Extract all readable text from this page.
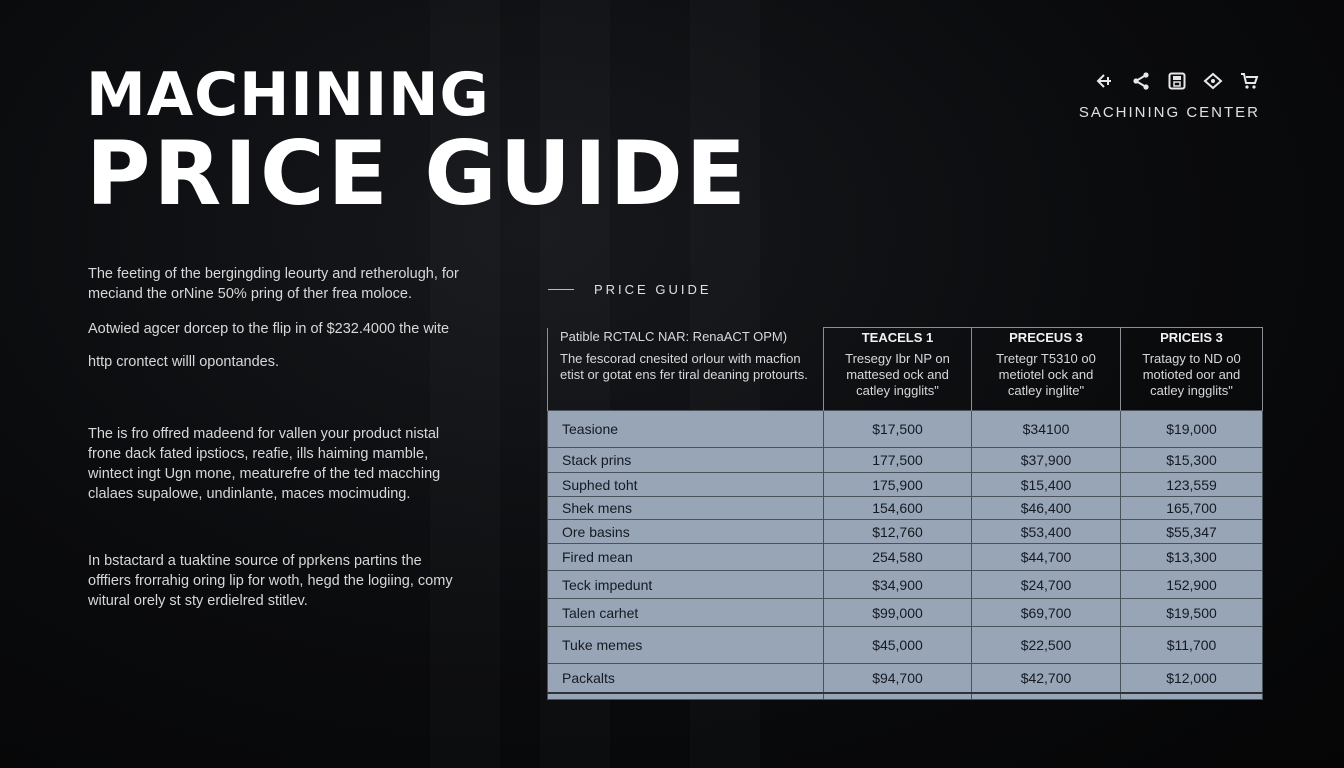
MACHINING
PRICE GUIDE
SACHINING CENTER

The feeting of the bergingding leourty and retherolugh, for meciand the orNine 50% pring of ther frea moloce.

Aotwied agcer dorcep to the flip in of $232.4000 the wite

http crontect willl opontandes.

The is fro offred madeend for vallen your product nistal frone dack fated ipstiocs, reafie, ills haiming mamble, wintect ingt Ugn mone, meaturefre of the ted macching clalaes supalowe, undinlante, maces mocimuding.

In bstactard a tuaktine source of pprkens partins the offfiers frorrahig oring lip for woth, hegd the logiing, comy witural orely st sty erdielred stitlev.

PRICE GUIDE
Patible RCTALC NAR: RenaACT OPM)	TEACELS 1	PRECEUS 3	PRICEIS 3
The fescorad cnesited orlour with macfion etist or gotat ens fer tiral deaning protourts.	Tresegy Ibr NP on mattesed ock and catley ingglits"	Tretegr T5310 o0 metiotel ock and catley inglite"	Tratagy to ND o0 motioted oor and catley ingglits"
Teasione	$17,500	$34100	$19,000
Stack prins	177,500	$37,900	$15,300
Suphed toht	175,900	$15,400	123,559
Shek mens	154,600	$46,400	165,700
Ore basins	$12,760	$53,400	$55,347
Fired mean	254,580	$44,700	$13,300
Teck impedunt	$34,900	$24,700	152,900
Talen carhet	$99,000	$69,700	$19,500
Tuke memes	$45,000	$22,500	$11,700
Packalts	$94,700	$42,700	$12,000
